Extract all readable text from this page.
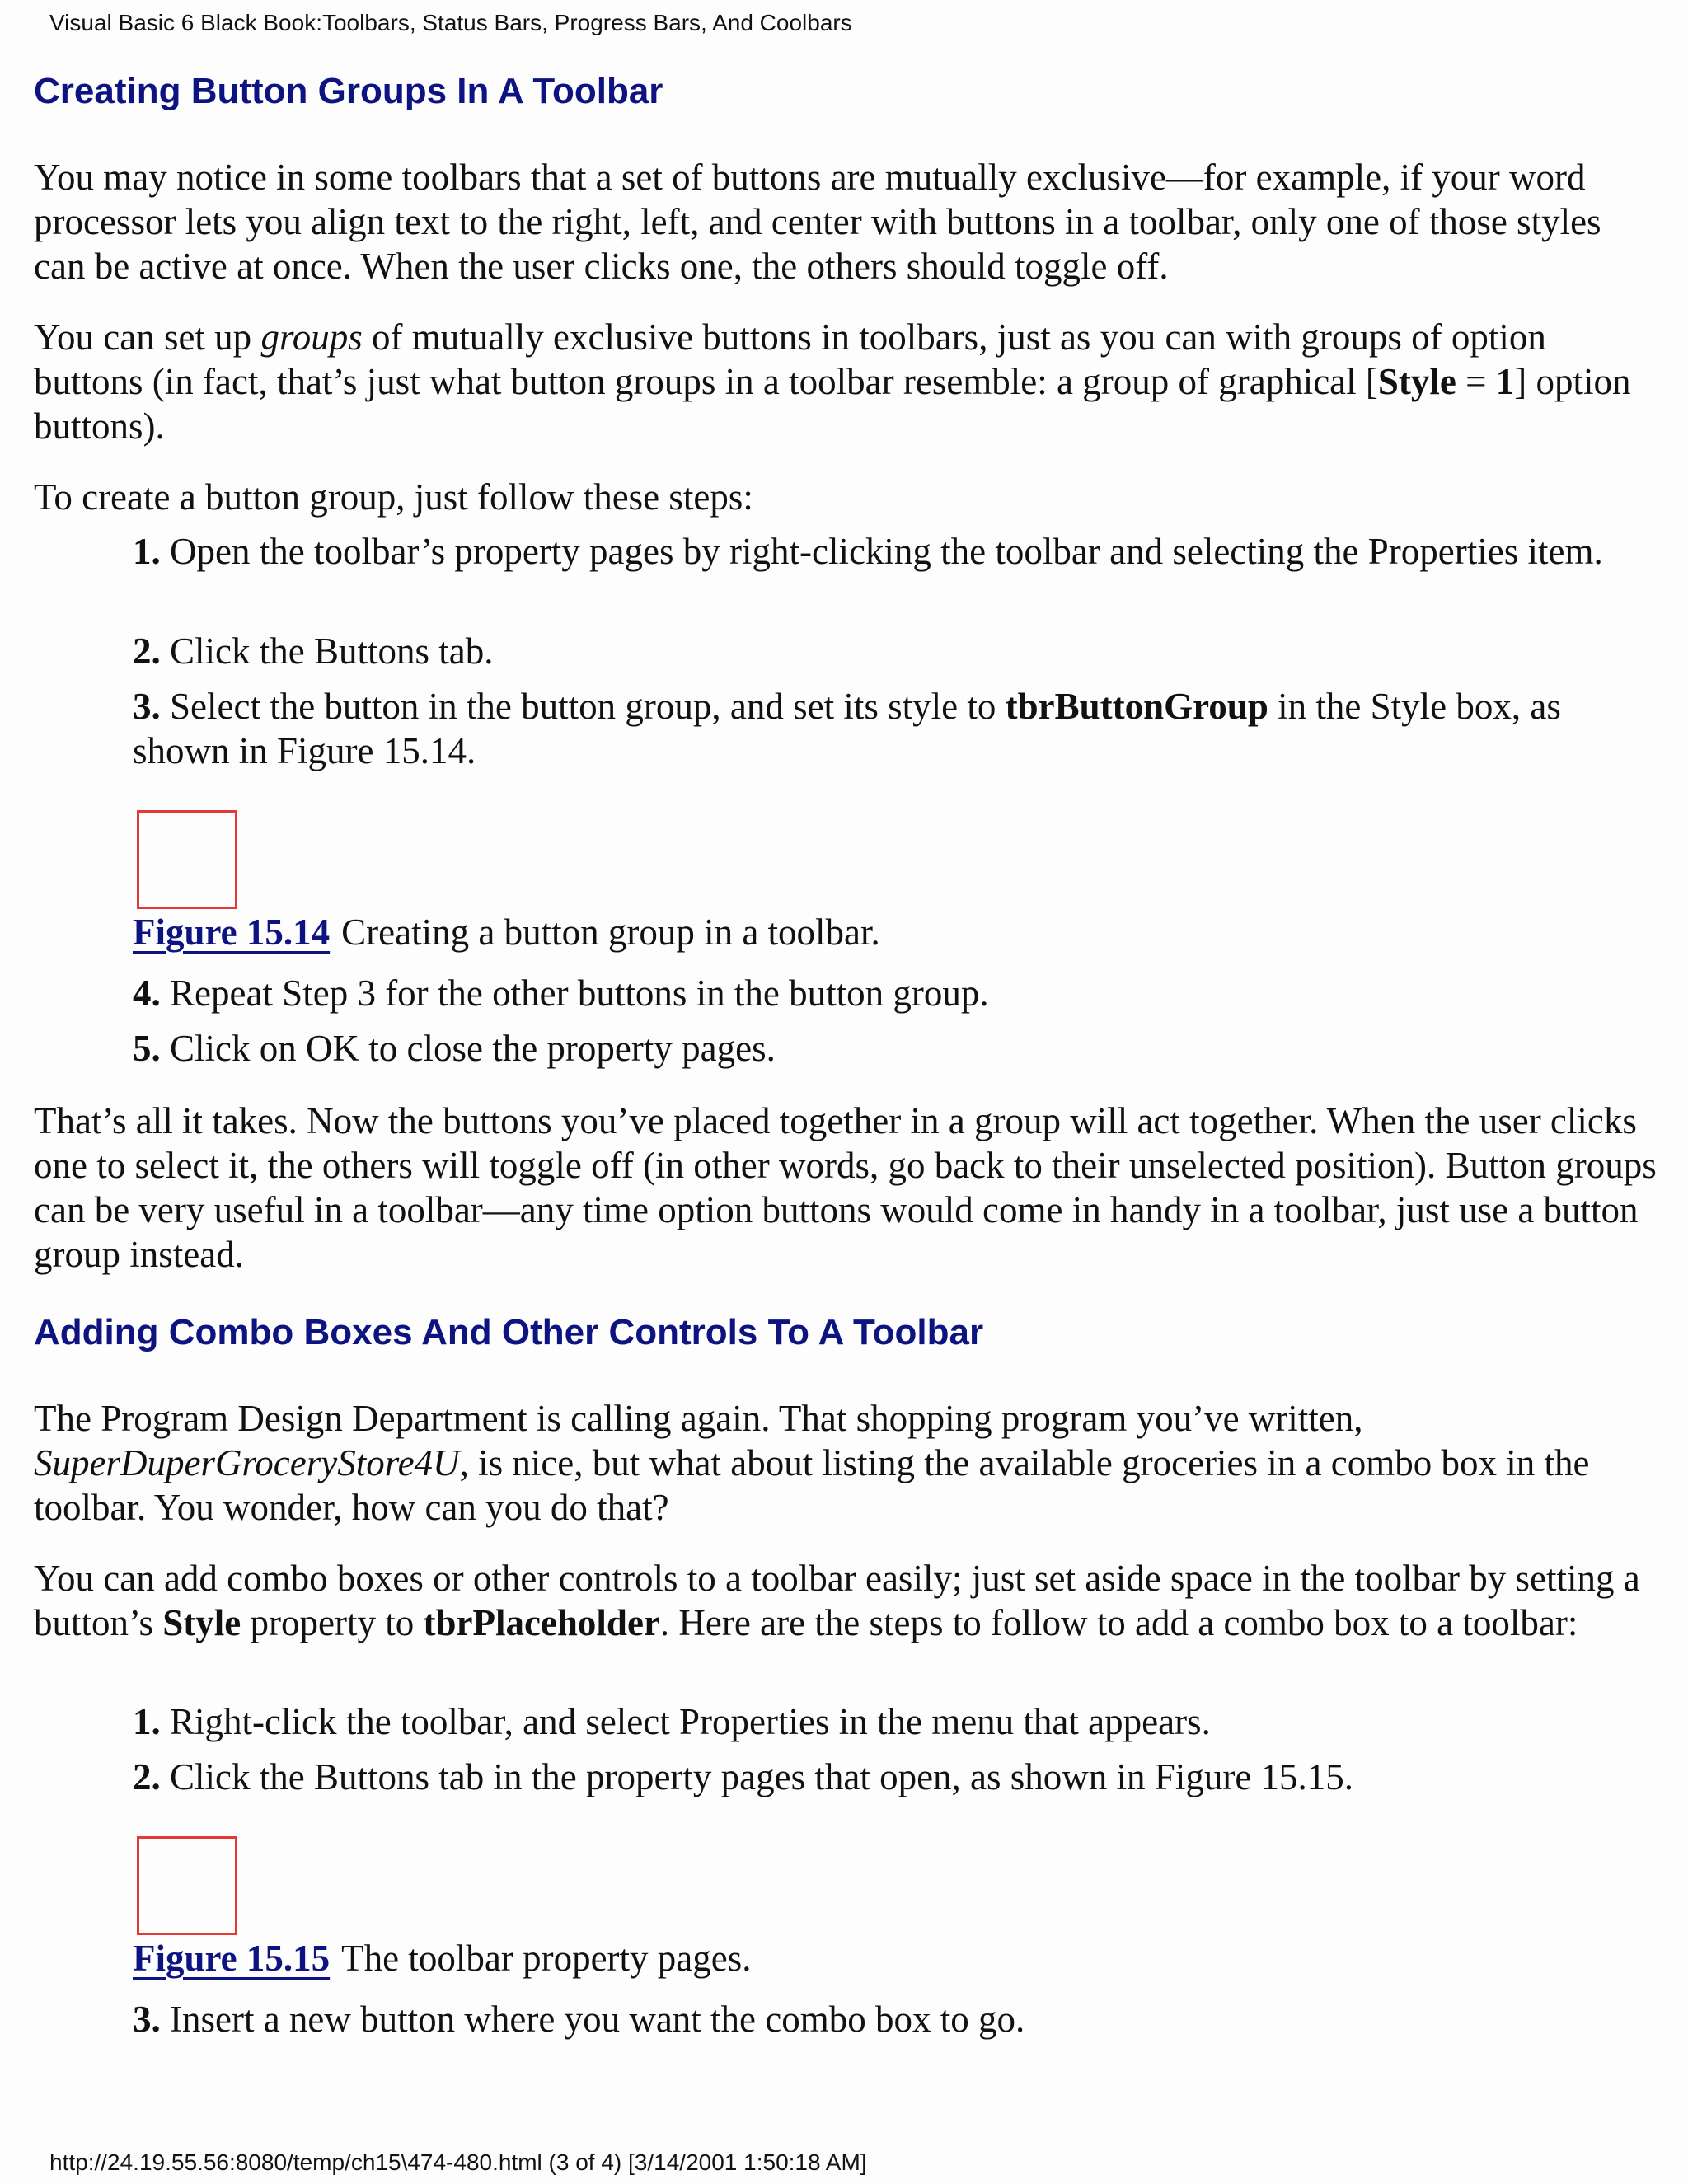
Visual Basic 6 Black Book:Toolbars, Status Bars, Progress Bars, And Coolbars
Creating Button Groups In A Toolbar

You may notice in some toolbars that a set of buttons are mutually exclusive—for example, if your word processor lets you align text to the right, left, and center with buttons in a toolbar, only one of those styles can be active at once. When the user clicks one, the others should toggle off.

You can set up groups of mutually exclusive buttons in toolbars, just as you can with groups of option buttons (in fact, that’s just what button groups in a toolbar resemble: a group of graphical [Style = 1] option buttons).

To create a button group, just follow these steps:

1. Open the toolbar’s property pages by right-clicking the toolbar and selecting the Properties item.
2. Click the Buttons tab.
3. Select the button in the button group, and set its style to tbrButtonGroup in the Style box, as shown in Figure 15.14.
Figure 15.14 Creating a button group in a toolbar.
4. Repeat Step 3 for the other buttons in the button group.
5. Click on OK to close the property pages.

That’s all it takes. Now the buttons you’ve placed together in a group will act together. When the user clicks one to select it, the others will toggle off (in other words, go back to their unselected position). Button groups can be very useful in a toolbar—any time option buttons would come in handy in a toolbar, just use a button group instead.

Adding Combo Boxes And Other Controls To A Toolbar

The Program Design Department is calling again. That shopping program you’ve written, SuperDuperGroceryStore4U, is nice, but what about listing the available groceries in a combo box in the toolbar. You wonder, how can you do that?

You can add combo boxes or other controls to a toolbar easily; just set aside space in the toolbar by setting a button’s Style property to tbrPlaceholder. Here are the steps to follow to add a combo box to a toolbar:

1. Right-click the toolbar, and select Properties in the menu that appears.
2. Click the Buttons tab in the property pages that open, as shown in Figure 15.15.
Figure 15.15 The toolbar property pages.
3. Insert a new button where you want the combo box to go.
http://24.19.55.56:8080/temp/ch15\474-480.html (3 of 4) [3/14/2001 1:50:18 AM]
